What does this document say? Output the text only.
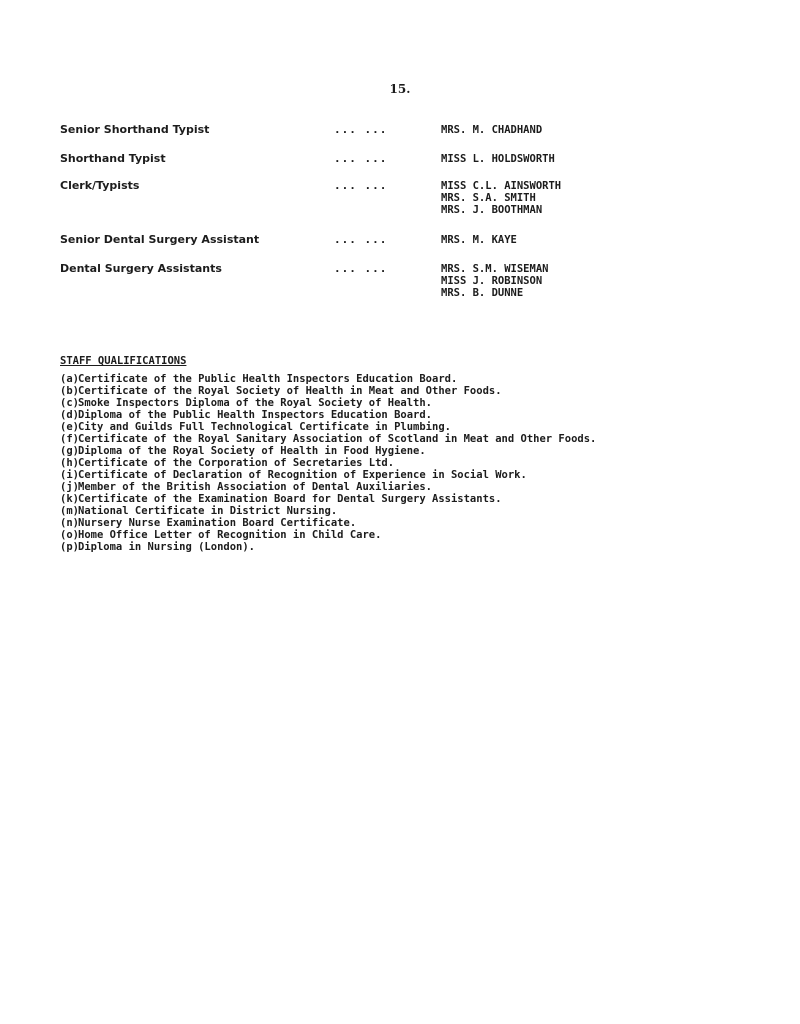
15.
Senior Shorthand Typist	... ...	MRS. M. CHADHAND
Shorthand Typist	... ...	MISS L. HOLDSWORTH
Clerk/Typists	... ...	MISS C.L. AINSWORTH
MRS. S.A. SMITH
MRS. J. BOOTHMAN
Senior Dental Surgery Assistant	... ...	MRS. M. KAYE
Dental Surgery Assistants	... ...	MRS. S.M. WISEMAN
MISS J. ROBINSON
MRS. B. DUNNE
STAFF QUALIFICATIONS
(a) Certificate of the Public Health Inspectors Education Board.
(b) Certificate of the Royal Society of Health in Meat and Other Foods.
(c) Smoke Inspectors Diploma of the Royal Society of Health.
(d) Diploma of the Public Health Inspectors Education Board.
(e) City and Guilds Full Technological Certificate in Plumbing.
(f) Certificate of the Royal Sanitary Association of Scotland in Meat and Other Foods.
(g) Diploma of the Royal Society of Health in Food Hygiene.
(h) Certificate of the Corporation of Secretaries Ltd.
(i) Certificate of Declaration of Recognition of Experience in Social Work.
(j) Member of the British Association of Dental Auxiliaries.
(k) Certificate of the Examination Board for Dental Surgery Assistants.
(m) National Certificate in District Nursing.
(n) Nursery Nurse Examination Board Certificate.
(o) Home Office Letter of Recognition in Child Care.
(p) Diploma in Nursing (London).
